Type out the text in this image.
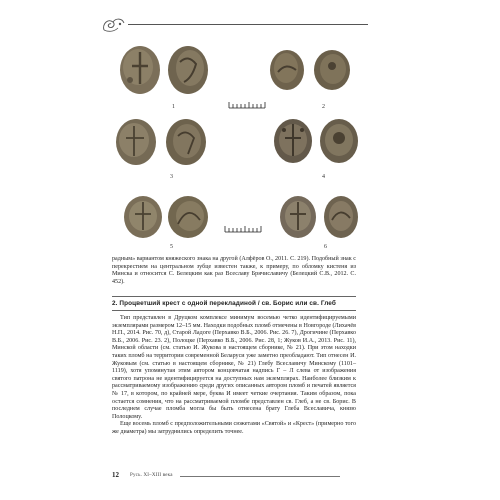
1	2
3	4
5	6

радным» вариантом княжеского знака на другой (Алфёров О., 2011. С. 219). Подобный знак с перекрестием на центральном зубце известен также, к примеру, по обломку кистеня из Минска и относится С. Белецким как раз Всеславу Брячиславичу (Белецкий С.В., 2012. С. 452).

2. Процветший крест с одной перекладиной / св. Борис или св. Глеб

Тип представлен в Друцком комплексе минимум восемью четко идентифицируемыми экземплярами размером 12–15 мм. Находки подобных пломб отмечены в Новгороде (Лихачёв Н.П., 2014. Рис. 70, д), Старой Ладоге (Перхавко В.Б., 2006. Рис. 26. 7), Дрогичине (Перхавко В.Б., 2006. Рис. 23. 2), Полоцке (Перхавко В.Б., 2006. Рис. 28, 1; Жуков И.А., 2013. Рис. 11), Минской области (см. статью И. Жукова в настоящем сборнике, № 21). При этом находки таких пломб на территории современной Беларуси уже заметно преобладают. Тип отнесен И. Жуковым (см. статью в настоящем сборнике, № 21) Глебу Всеславичу Минскому (1101–1119), хотя упомянутая этим автором концовчатая надпись Г – Л слева от изображения святого патрона не идентифицируется на доступных нам экземплярах. Наиболее близким к рассматриваемому изображению среди других описанных автором пломб и печатей является № 17, в котором, по крайней мере, буква И имеет четкие очертания. Таким образом, пока остается сомнения, что на рассматриваемой пломбе представлен св. Глеб, а не св. Борис. В последнем случае пломба могла бы быть отнесена брату Глеба Всеславича, князю Полоцкому.

Еще восемь пломб с предположительными сюжетами «Святой» и «Крест» (примерно того же диаметра) мы затруднились определить точнее.

12 Русь. XI–XIII века
